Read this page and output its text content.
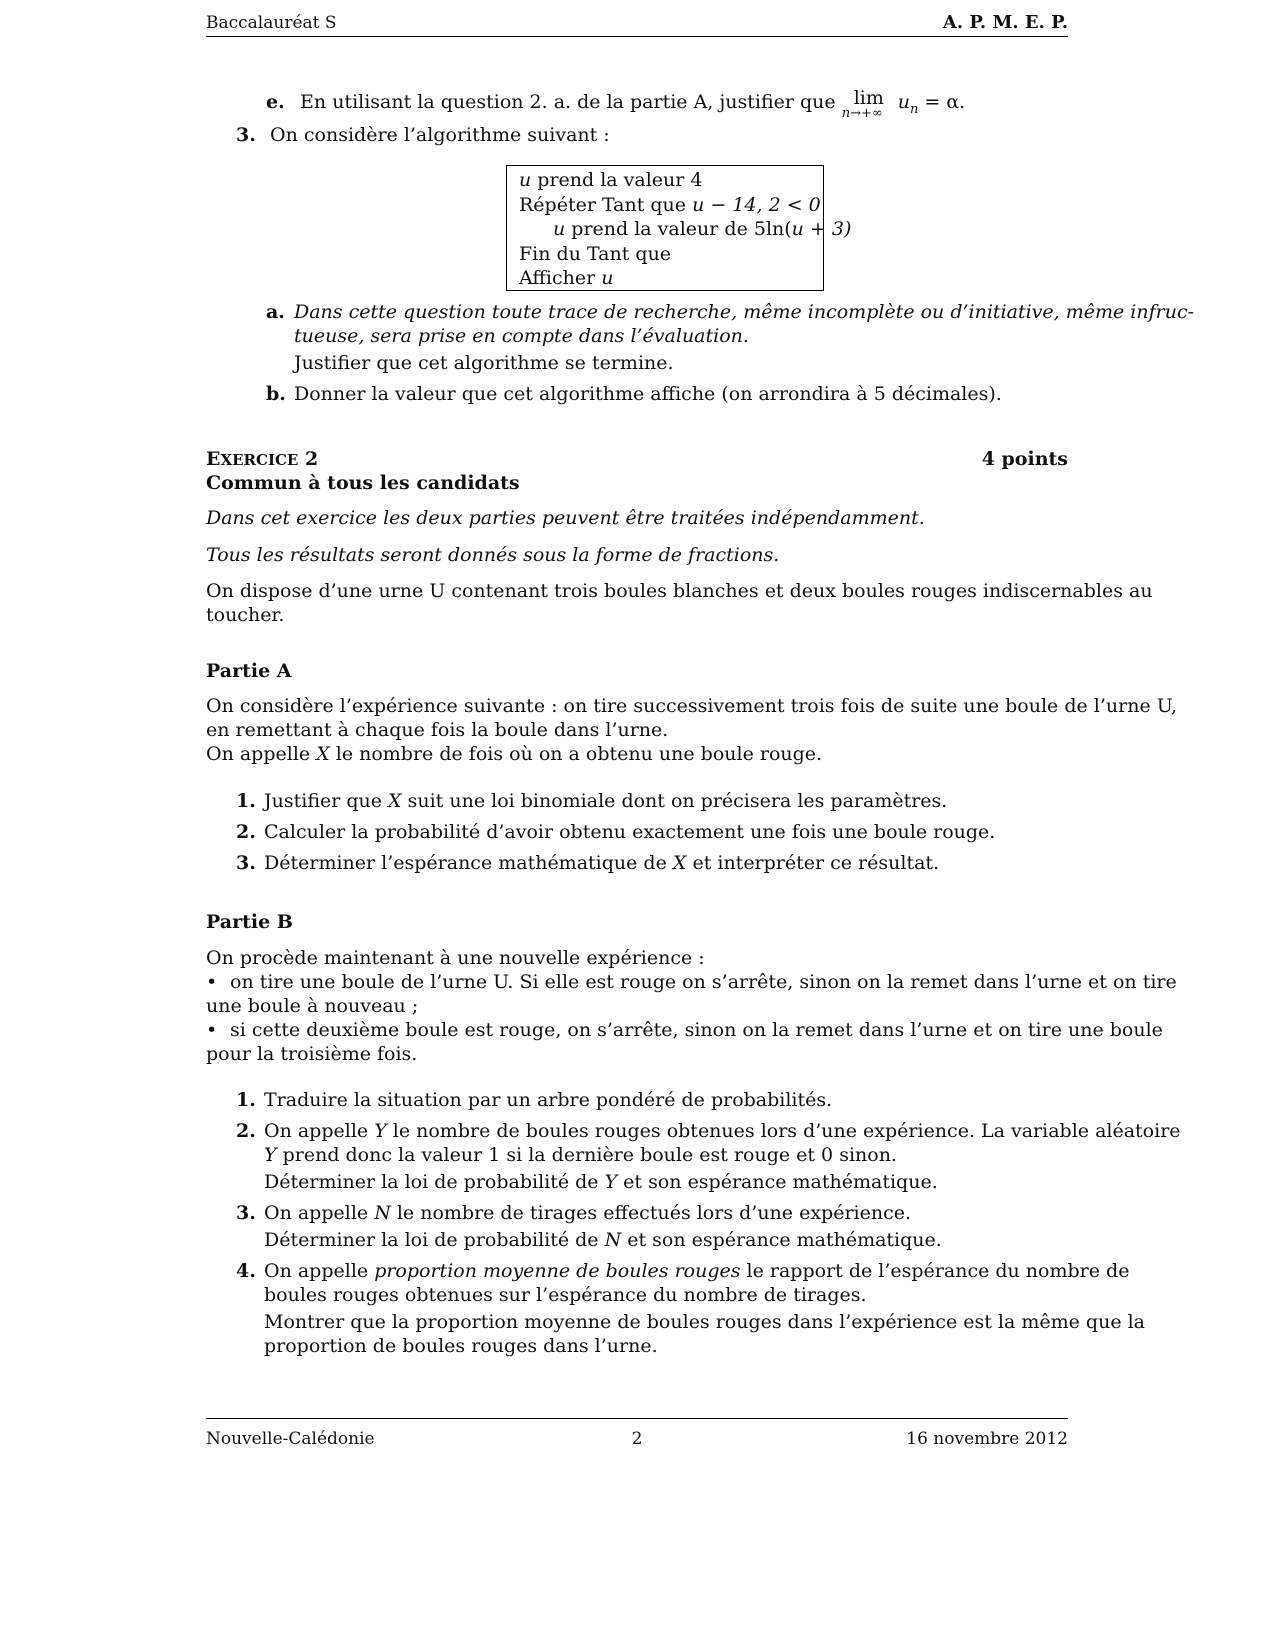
Baccalauréat S	A. P. M. E. P.
e. En utilisant la question 2. a. de la partie A, justifier que lim
n→+∞
$u_n = \alpha$.
3. On considère l’algorithme suivant :
u prend la valeur 4
Répéter Tant que u − 14, 2 < 0
u prend la valeur de 5ln(u + 3)
Fin du Tant que
Afficher u
a. Dans cette question toute trace de recherche, même incomplète ou d’initiative, même infruc-
tueuse, sera prise en compte dans l’évaluation.
Justifier que cet algorithme se termine.
b. Donner la valeur que cet algorithme affiche (on arrondira à 5 décimales).
EXERCICE 2	4 points
Commun à tous les candidats
Dans cet exercice les deux parties peuvent être traitées indépendamment.
Tous les résultats seront donnés sous la forme de fractions.
On dispose d’une urne U contenant trois boules blanches et deux boules rouges indiscernables au
toucher.
Partie A
On considère l’expérience suivante : on tire successivement trois fois de suite une boule de l’urne U,
en remettant à chaque fois la boule dans l’urne.
On appelle X le nombre de fois où on a obtenu une boule rouge.
1. Justifier que X suit une loi binomiale dont on précisera les paramètres.
2. Calculer la probabilité d’avoir obtenu exactement une fois une boule rouge.
3. Déterminer l’espérance mathématique de X et interpréter ce résultat.
Partie B
On procède maintenant à une nouvelle expérience :
• on tire une boule de l’urne U. Si elle est rouge on s’arrête, sinon on la remet dans l’urne et on tire
une boule à nouveau ;
• si cette deuxième boule est rouge, on s’arrête, sinon on la remet dans l’urne et on tire une boule
pour la troisième fois.
1. Traduire la situation par un arbre pondéré de probabilités.
2. On appelle Y le nombre de boules rouges obtenues lors d’une expérience. La variable aléatoire
Y prend donc la valeur 1 si la dernière boule est rouge et 0 sinon.
Déterminer la loi de probabilité de Y et son espérance mathématique.
3. On appelle N le nombre de tirages effectués lors d’une expérience.
Déterminer la loi de probabilité de N et son espérance mathématique.
4. On appelle proportion moyenne de boules rouges le rapport de l’espérance du nombre de
boules rouges obtenues sur l’espérance du nombre de tirages.
Montrer que la proportion moyenne de boules rouges dans l’expérience est la même que la
proportion de boules rouges dans l’urne.
Nouvelle-Calédonie	2	16 novembre 2012
